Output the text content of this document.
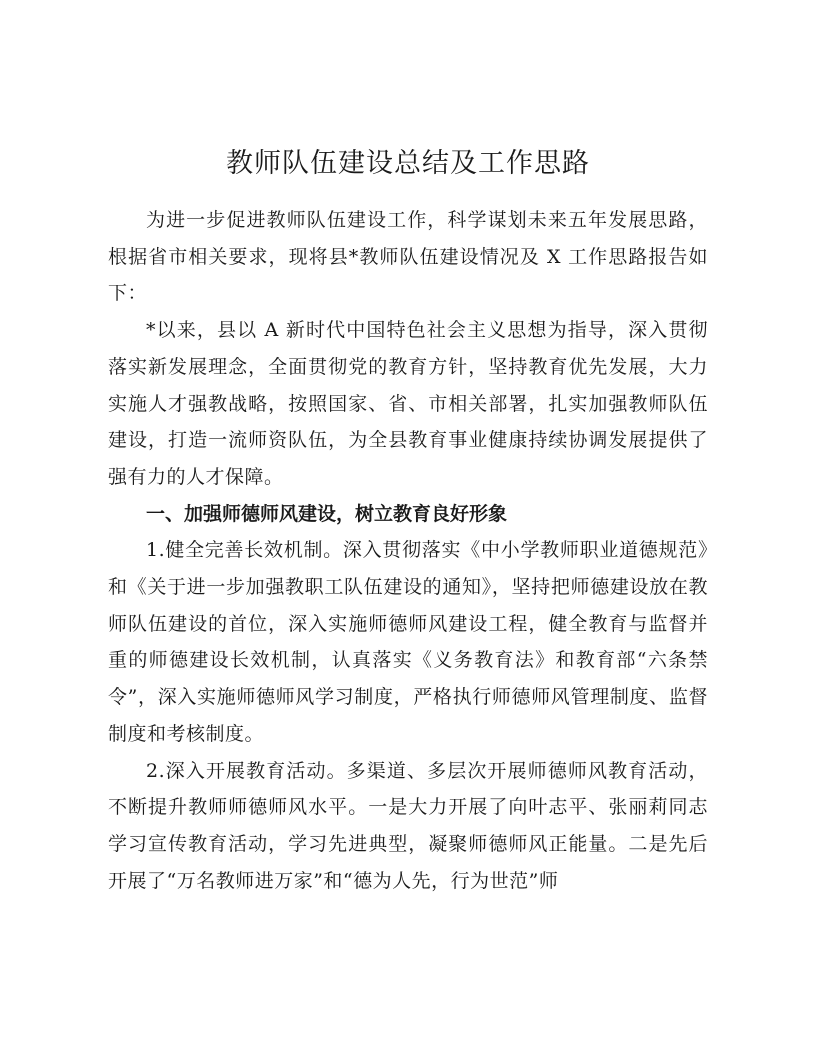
教师队伍建设总结及工作思路

为进一步促进教师队伍建设工作，科学谋划未来五年发展思路，根据省市相关要求，现将县*教师队伍建设情况及 X 工作思路报告如下：

*以来，县以 A 新时代中国特色社会主义思想为指导，深入贯彻落实新发展理念，全面贯彻党的教育方针，坚持教育优先发展，大力实施人才强教战略，按照国家、省、市相关部署，扎实加强教师队伍建设，打造一流师资队伍，为全县教育事业健康持续协调发展提供了强有力的人才保障。

一、加强师德师风建设，树立教育良好形象

1.健全完善长效机制。深入贯彻落实《中小学教师职业道德规范》和《关于进一步加强教职工队伍建设的通知》，坚持把师德建设放在教师队伍建设的首位，深入实施师德师风建设工程，健全教育与监督并重的师德建设长效机制，认真落实《义务教育法》和教育部“六条禁令”，深入实施师德师风学习制度，严格执行师德师风管理制度、监督制度和考核制度。

2.深入开展教育活动。多渠道、多层次开展师德师风教育活动，不断提升教师师德师风水平。一是大力开展了向叶志平、张丽莉同志学习宣传教育活动，学习先进典型，凝聚师德师风正能量。二是先后开展了“万名教师进万家”和“德为人先，行为世范”师
